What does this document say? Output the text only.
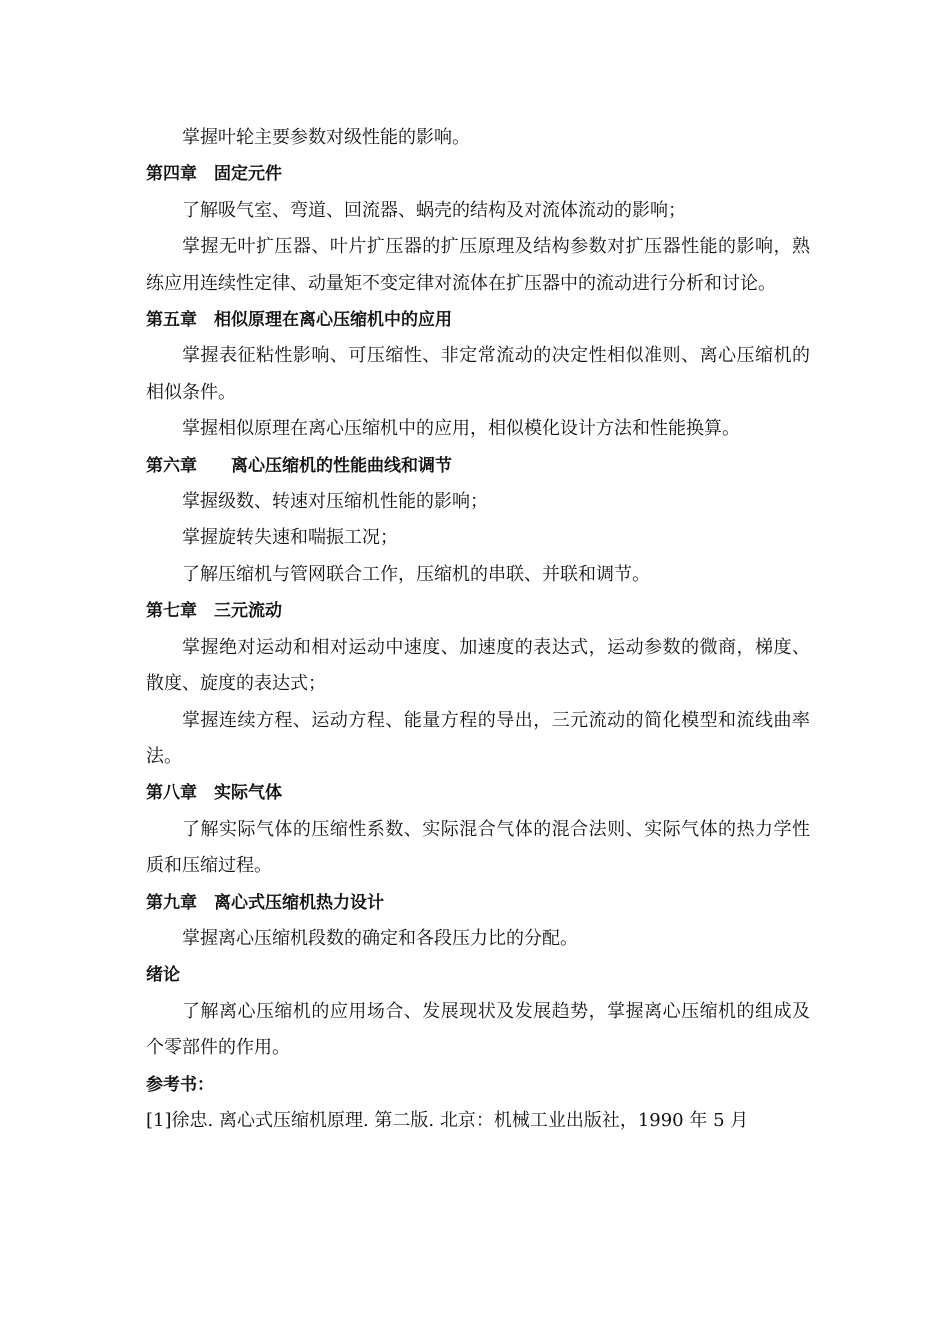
掌握叶轮主要参数对级性能的影响。

第四章　固定元件

了解吸气室、弯道、回流器、蜗壳的结构及对流体流动的影响；

掌握无叶扩压器、叶片扩压器的扩压原理及结构参数对扩压器性能的影响，熟练应用连续性定律、动量矩不变定律对流体在扩压器中的流动进行分析和讨论。

第五章　相似原理在离心压缩机中的应用

掌握表征粘性影响、可压缩性、非定常流动的决定性相似准则、离心压缩机的相似条件。

掌握相似原理在离心压缩机中的应用，相似模化设计方法和性能换算。

第六章　　离心压缩机的性能曲线和调节

掌握级数、转速对压缩机性能的影响；

掌握旋转失速和喘振工况；

了解压缩机与管网联合工作，压缩机的串联、并联和调节。

第七章　三元流动

掌握绝对运动和相对运动中速度、加速度的表达式，运动参数的微商，梯度、散度、旋度的表达式；

掌握连续方程、运动方程、能量方程的导出，三元流动的简化模型和流线曲率法。

第八章　实际气体

了解实际气体的压缩性系数、实际混合气体的混合法则、实际气体的热力学性质和压缩过程。

第九章　离心式压缩机热力设计

掌握离心压缩机段数的确定和各段压力比的分配。

绪论

了解离心压缩机的应用场合、发展现状及发展趋势，掌握离心压缩机的组成及个零部件的作用。

参考书：

[1]徐忠. 离心式压缩机原理. 第二版. 北京：机械工业出版社，1990 年 5 月
